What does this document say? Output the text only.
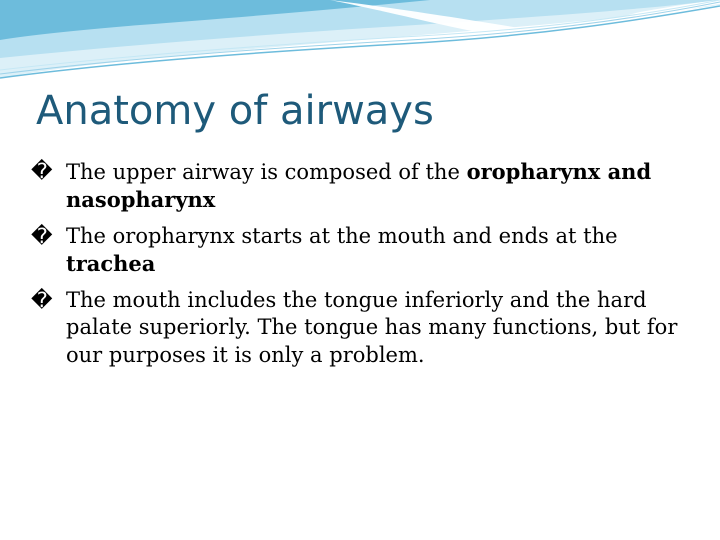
Anatomy of airways

� The upper airway is composed of the oropharynx and nasopharynx

� The oropharynx starts at the mouth and ends at the trachea

� The mouth includes the tongue inferiorly and the hard palate superiorly. The tongue has many functions, but for our purposes it is only a problem.
